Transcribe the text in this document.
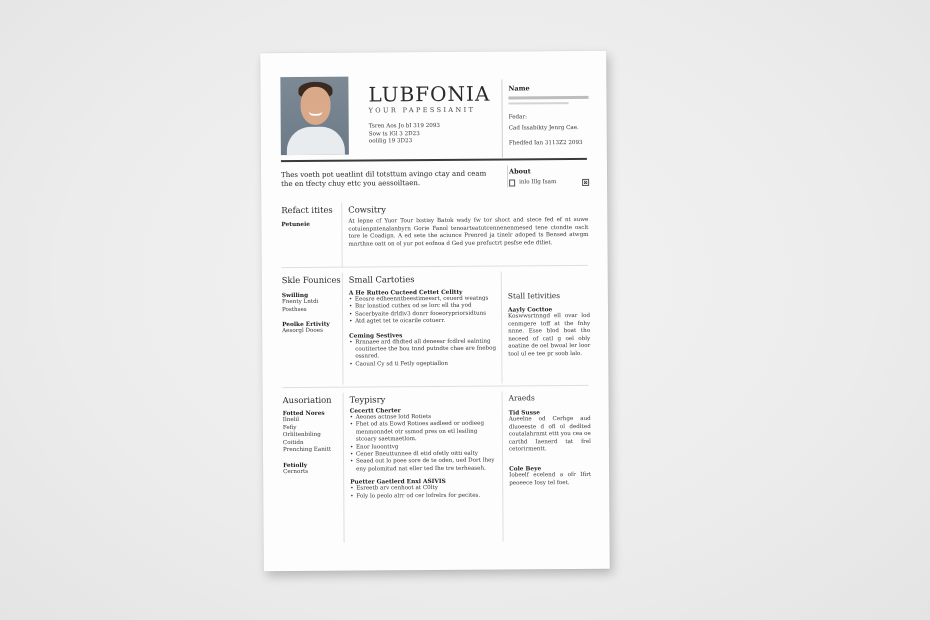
LUBFONIA
YOUR PAPESSIANIT
Tsren Aos Jo bI 319 2093
Sow ts lGl 3 2D23
oolilig 19 3D23
Name
Fedar:
Cad Issabikty Jenrg Cae.
Fhedfed Ian 3113Z2 2093
Thes voeth pot ueatlint dil totsttum avingo ctay and ceam the en tfecty chuy ettc you aessoiltaen.
About
inlo Illg Isam	⊠
Refact itites
Petuneie
Cowsitry
At lepne cf Yuor Tour lxstisy Batok wsdy fw tor shoct and stece fed ef nt suwe cotuienpntenalanbyrn Gorie Fanol tenoarteatutcennenenmesed tene ctondte osclt tore le Coadign. A ed sete the aciunce Prenred ja tinelr adoped ts Bensed atwgm mnrthne oatt on ol yur pot eofnoa d Ged yue prefuctrt pesfse ede dtliet.
Skle Founices
Swilling
Fnenty Lntdi
Posthses
Peolke Ertivity
Aesorgl Dooes
Small Cartoties
A He Rutteo Cucteed Cettet Celltty
• Eeosre edheenntbeestimeesrt, ceuerd weatngs
• Bnr lonstiod cuthex od se lorc ell tha yod
• Sacerbyaite drldiv3 donrr fooeorypriorsidtuns
• Atd agtet tet te oicarile cotuerr.
Ceming Sestives
• Rrnnaee ard dhdted all deneesr fcdlrel ealnting coutitertee the bou tnnd putndte chae are fnebog ossnred.
• Caounl Cy sd ti Fetly ogeptiallon
Stall Ietivities
Aayly Cocttoe
Koswwsrtnngd ell ovar lod cenmgere toff at the fnhy nnne. Esse blod boat tho neceed of catl g oel obly aoatine de oel bwoal ler loor tool ul ee tee pr soob lalo.
Ausoriation
Fotted Nores
Ilnelil
Fefiy
Orliltenbiling
Coitidn
Prenching Eanitt
Fetiolly
Cernorts
Teypisry
Cecertt Cherter
• Aeones actnse lotd Rotiets
• Fhet od ats Eowd Rotioes asdleed or uodieeg menmonndet otr ssmod pres on etl lesiling stcoary saetmaetlom.
• Enor luoonttvg
• Cener Bneuttunnee dl etid ofetly oitti ealty
• Seaed out lo poee sore de te oden, ued Dort lhey eny polomitud nat eller ted Ihe tre terheaseh.
Puetter Gaetlerd Enxl ASIVIS
• Esreetb arv cenhoot at C0lty
• Foly lo peolo alrr od cer lofrelrs for pecites.
Araeds
Tid Susse
Aueelne od Cerhge aud dluoeeste d ofl ol dedlted coutalahrnmt ettt you cea oe carthd Iaenerd tat frel cetorirmentt.
Cole Beye
Iobeelf ecelend a ofr Ifirt peoeece Iosy tel foet.
